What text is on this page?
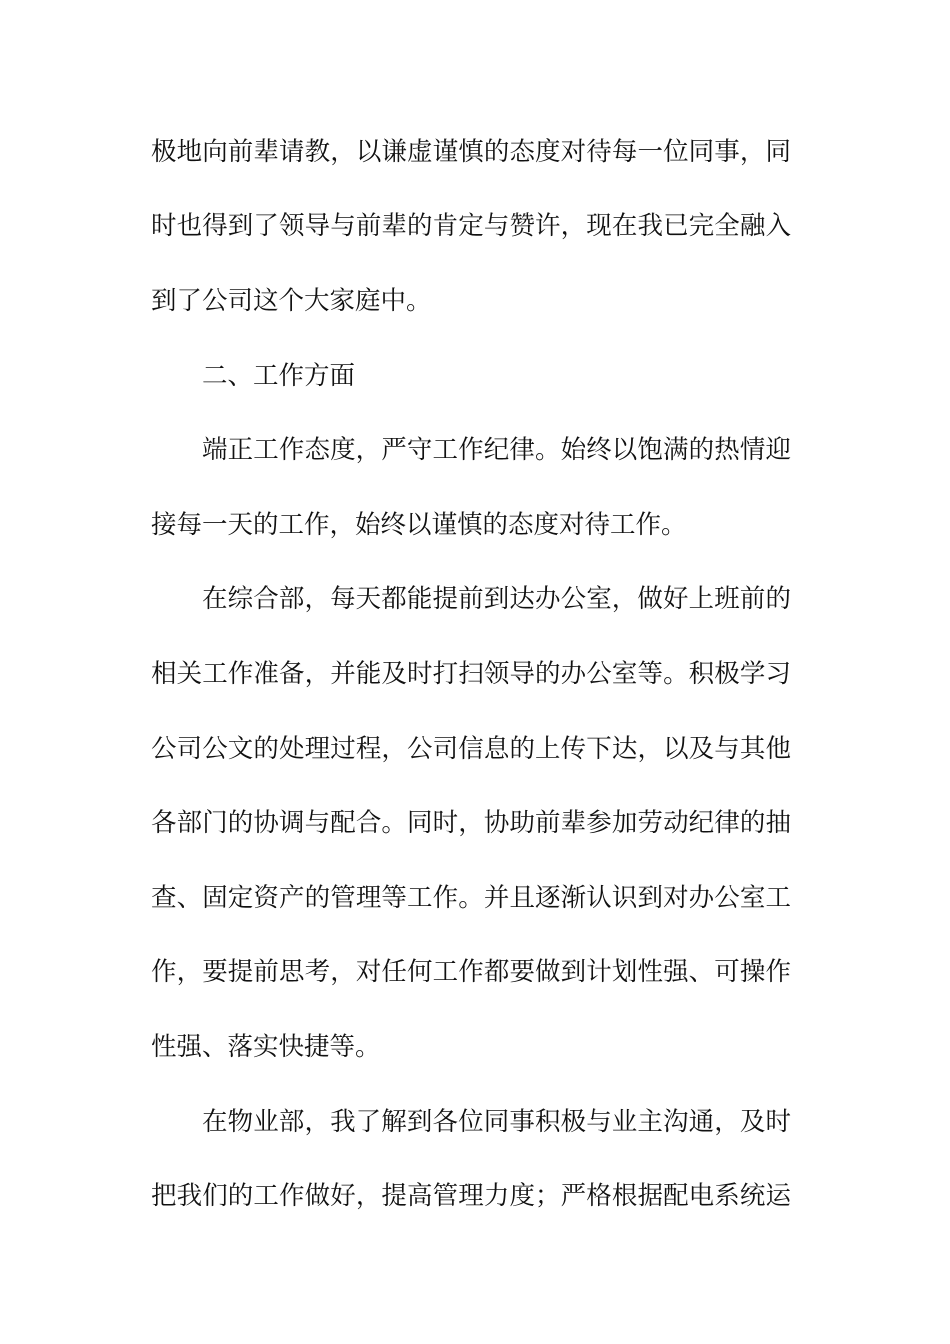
极地向前辈请教，以谦虚谨慎的态度对待每一位同事，同
时也得到了领导与前辈的肯定与赞许，现在我已完全融入
到了公司这个大家庭中。
二、工作方面
端正工作态度，严守工作纪律。始终以饱满的热情迎
接每一天的工作，始终以谨慎的态度对待工作。
在综合部，每天都能提前到达办公室，做好上班前的
相关工作准备，并能及时打扫领导的办公室等。积极学习
公司公文的处理过程，公司信息的上传下达，以及与其他
各部门的协调与配合。同时，协助前辈参加劳动纪律的抽
查、固定资产的管理等工作。并且逐渐认识到对办公室工
作，要提前思考，对任何工作都要做到计划性强、可操作
性强、落实快捷等。
在物业部，我了解到各位同事积极与业主沟通，及时
把我们的工作做好，提高管理力度；严格根据配电系统运
